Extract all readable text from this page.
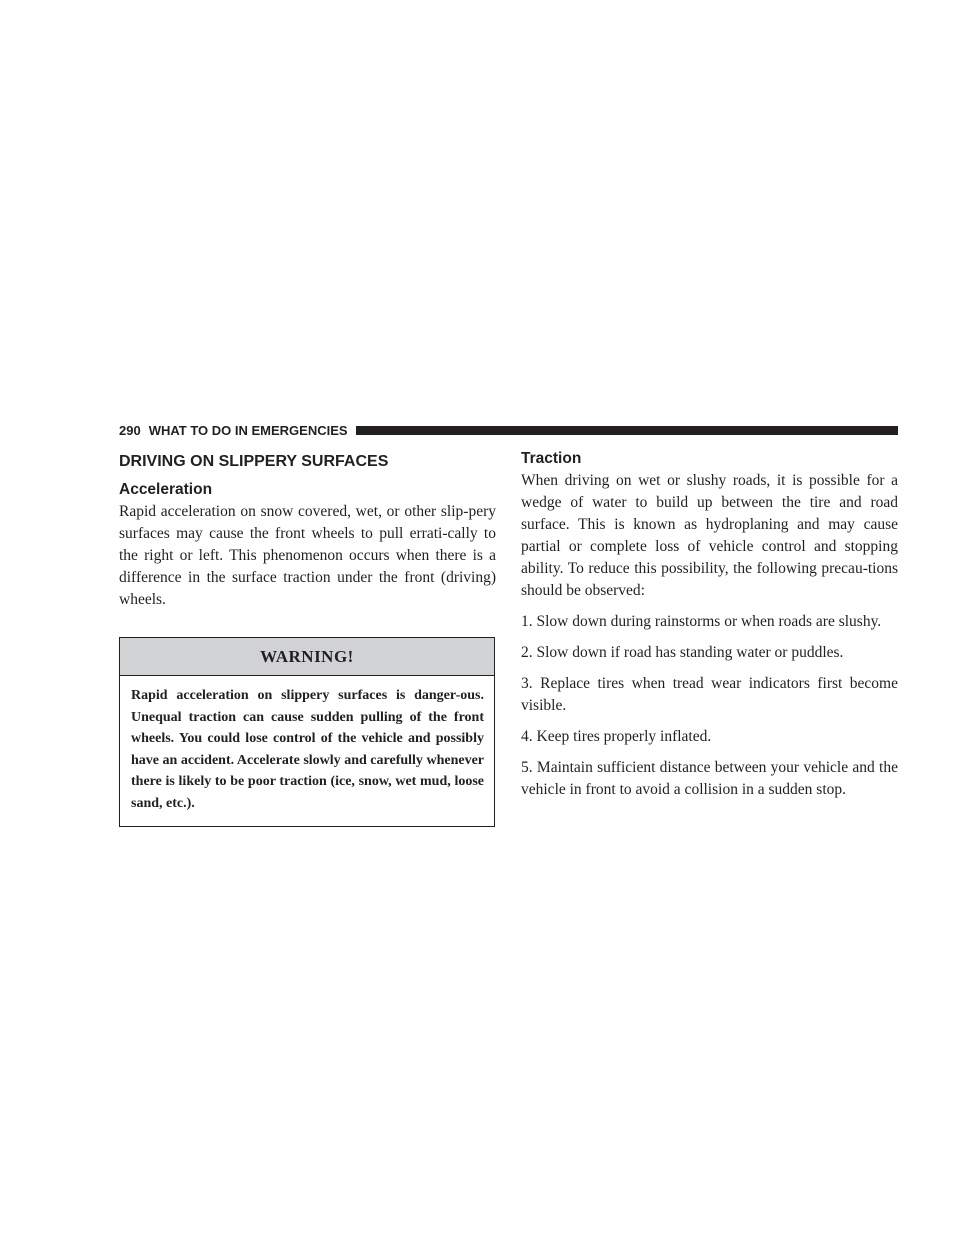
290 WHAT TO DO IN EMERGENCIES
DRIVING ON SLIPPERY SURFACES
Acceleration

Rapid acceleration on snow covered, wet, or other slip-pery surfaces may cause the front wheels to pull errati-cally to the right or left. This phenomenon occurs when there is a difference in the surface traction under the front (driving) wheels.

WARNING!
Rapid acceleration on slippery surfaces is danger-ous. Unequal traction can cause sudden pulling of the front wheels. You could lose control of the vehicle and possibly have an accident. Accelerate slowly and carefully whenever there is likely to be poor traction (ice, snow, wet mud, loose sand, etc.).
Traction

When driving on wet or slushy roads, it is possible for a wedge of water to build up between the tire and road surface. This is known as hydroplaning and may cause partial or complete loss of vehicle control and stopping ability. To reduce this possibility, the following precau-tions should be observed:

1. Slow down during rainstorms or when roads are slushy.

2. Slow down if road has standing water or puddles.

3. Replace tires when tread wear indicators first become visible.

4. Keep tires properly inflated.

5. Maintain sufficient distance between your vehicle and the vehicle in front to avoid a collision in a sudden stop.
